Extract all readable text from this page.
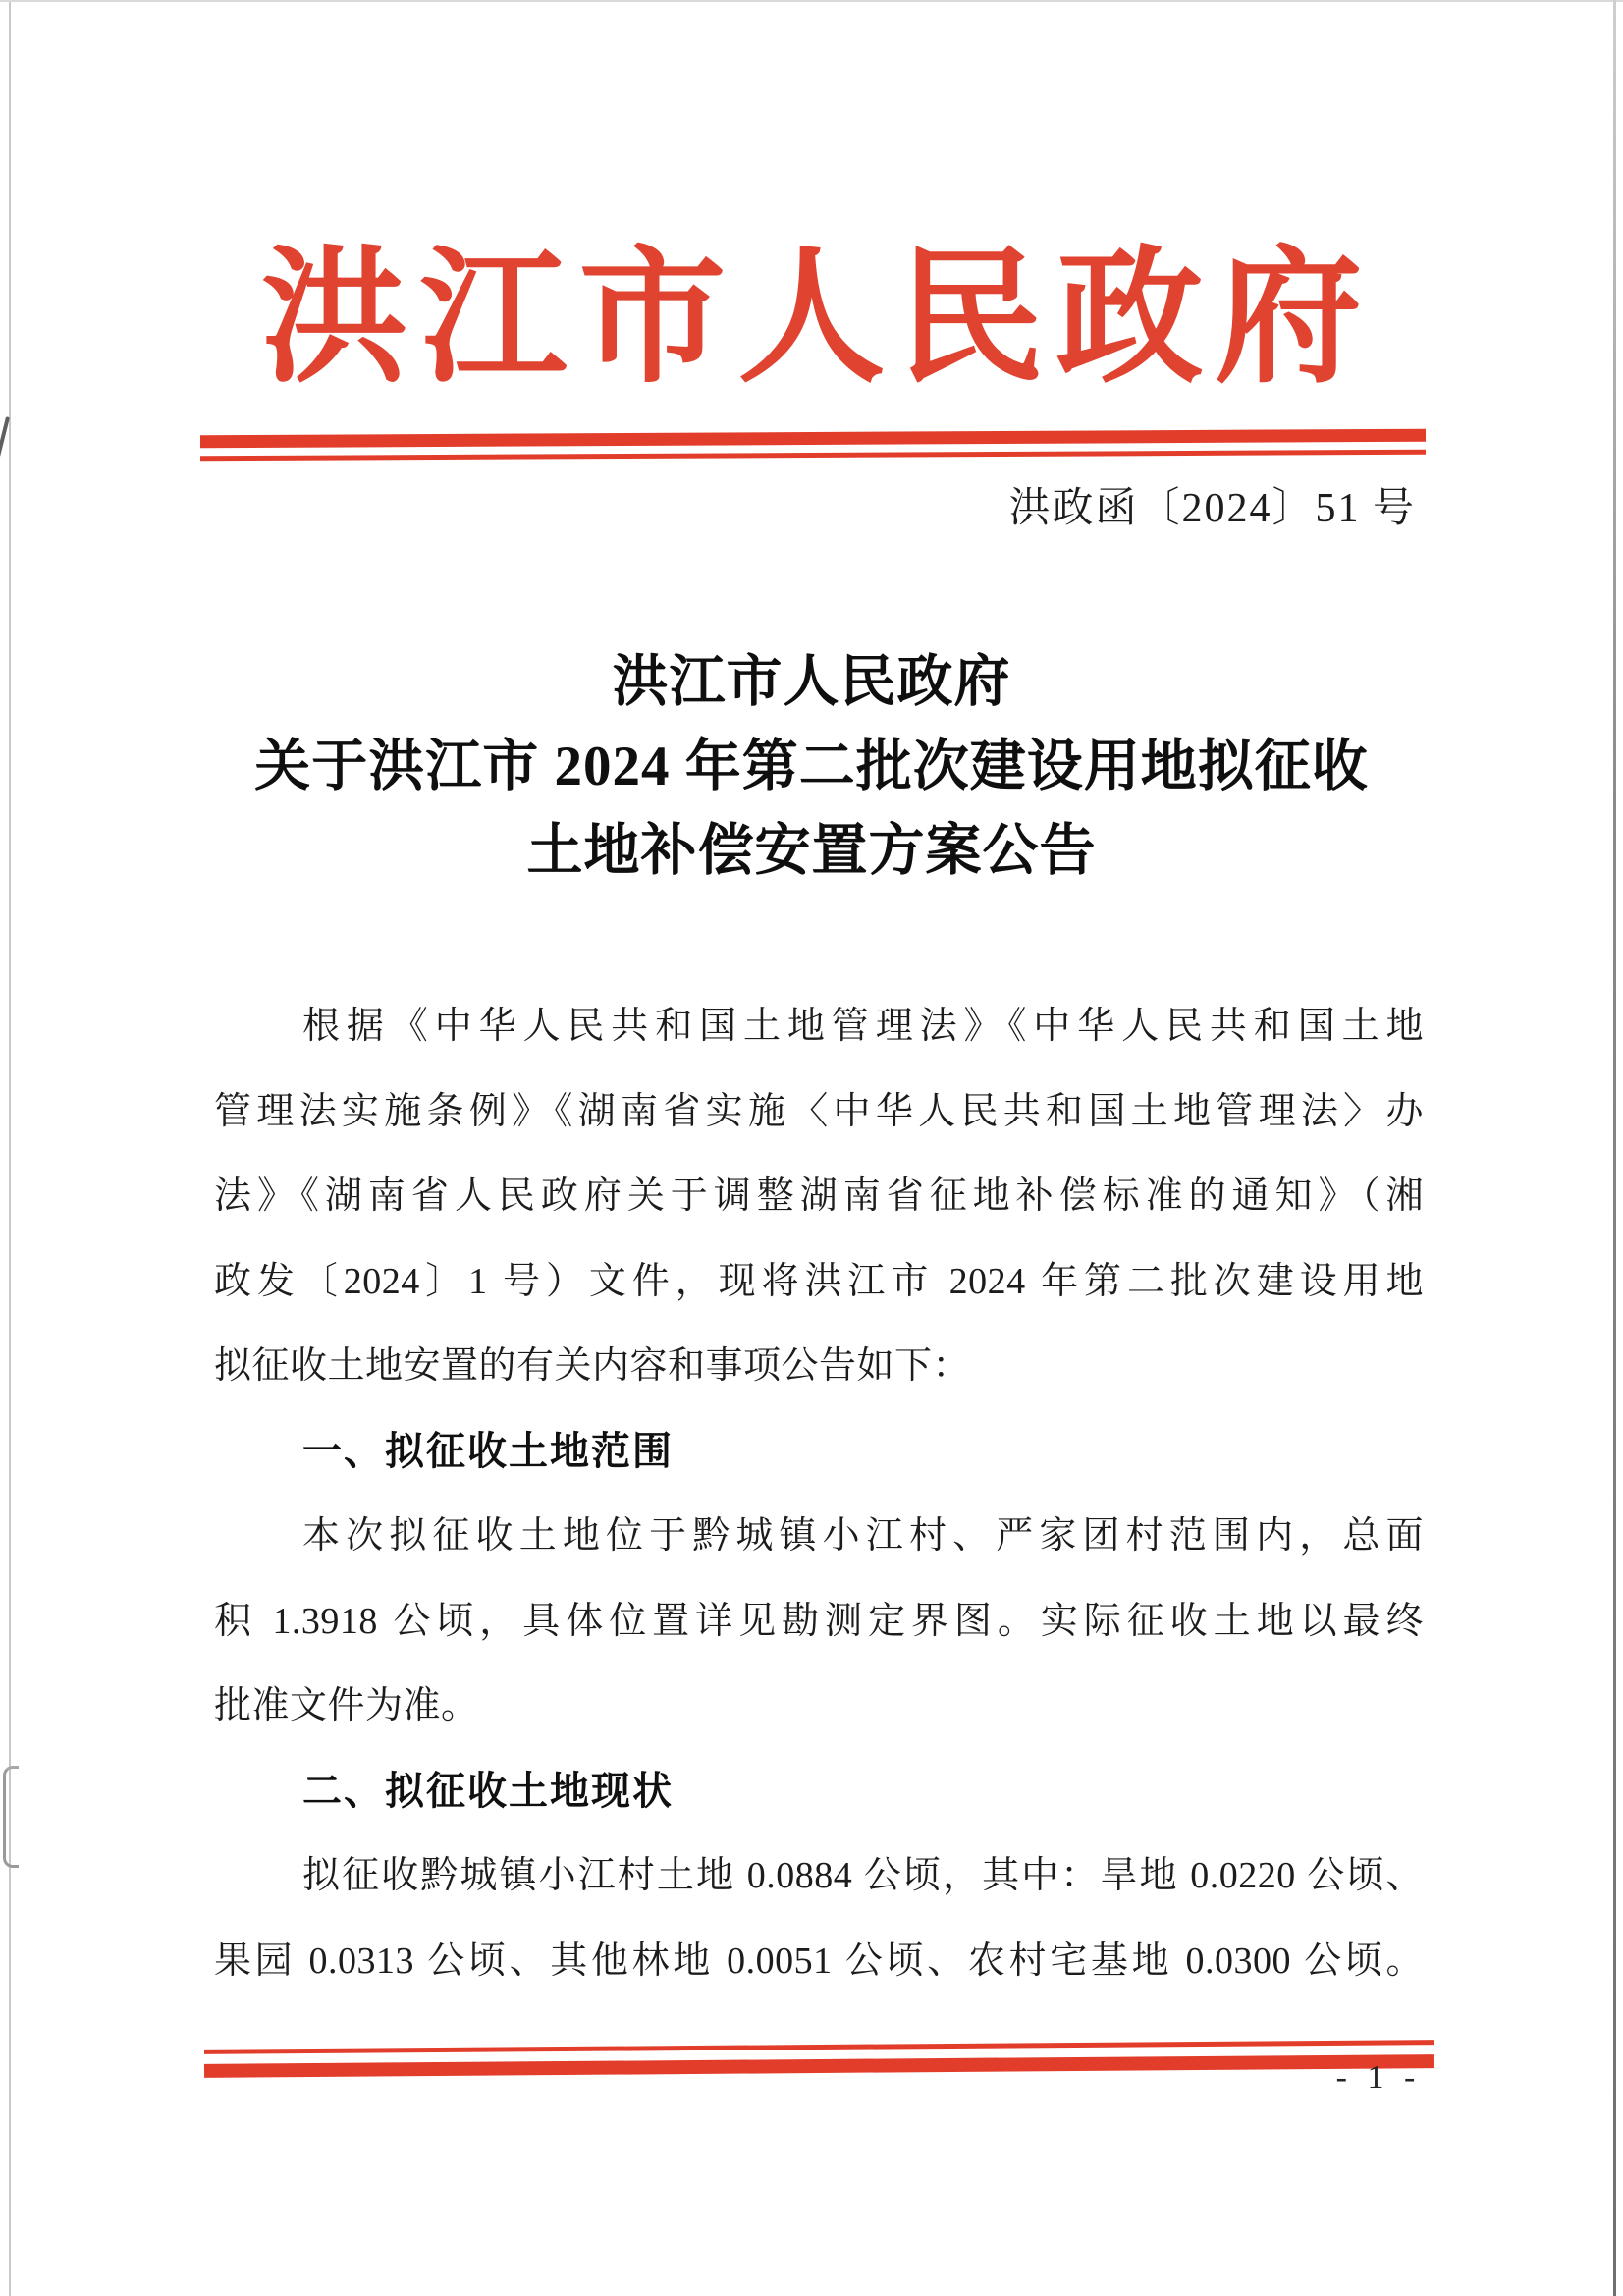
洪江市人民政府
洪政函〔2024〕51 号
洪江市人民政府
关于洪江市 2024 年第二批次建设用地拟征收
土地补偿安置方案公告
根据《中华人民共和国土地管理法》《中华人民共和国土地
管理法实施条例》《湖南省实施〈中华人民共和国土地管理法〉办
法》《湖南省人民政府关于调整湖南省征地补偿标准的通知》（湘
政发〔2024〕1 号）文件，现将洪江市 2024 年第二批次建设用地
拟征收土地安置的有关内容和事项公告如下：
一、拟征收土地范围
本次拟征收土地位于黔城镇小江村、严家团村范围内，总面
积 1.3918 公顷，具体位置详见勘测定界图。实际征收土地以最终
批准文件为准。
二、拟征收土地现状
拟征收黔城镇小江村土地 0.0884 公顷，其中：旱地 0.0220 公顷、
果园 0.0313 公顷、其他林地 0.0051 公顷、农村宅基地 0.0300 公顷。
- 1 -
